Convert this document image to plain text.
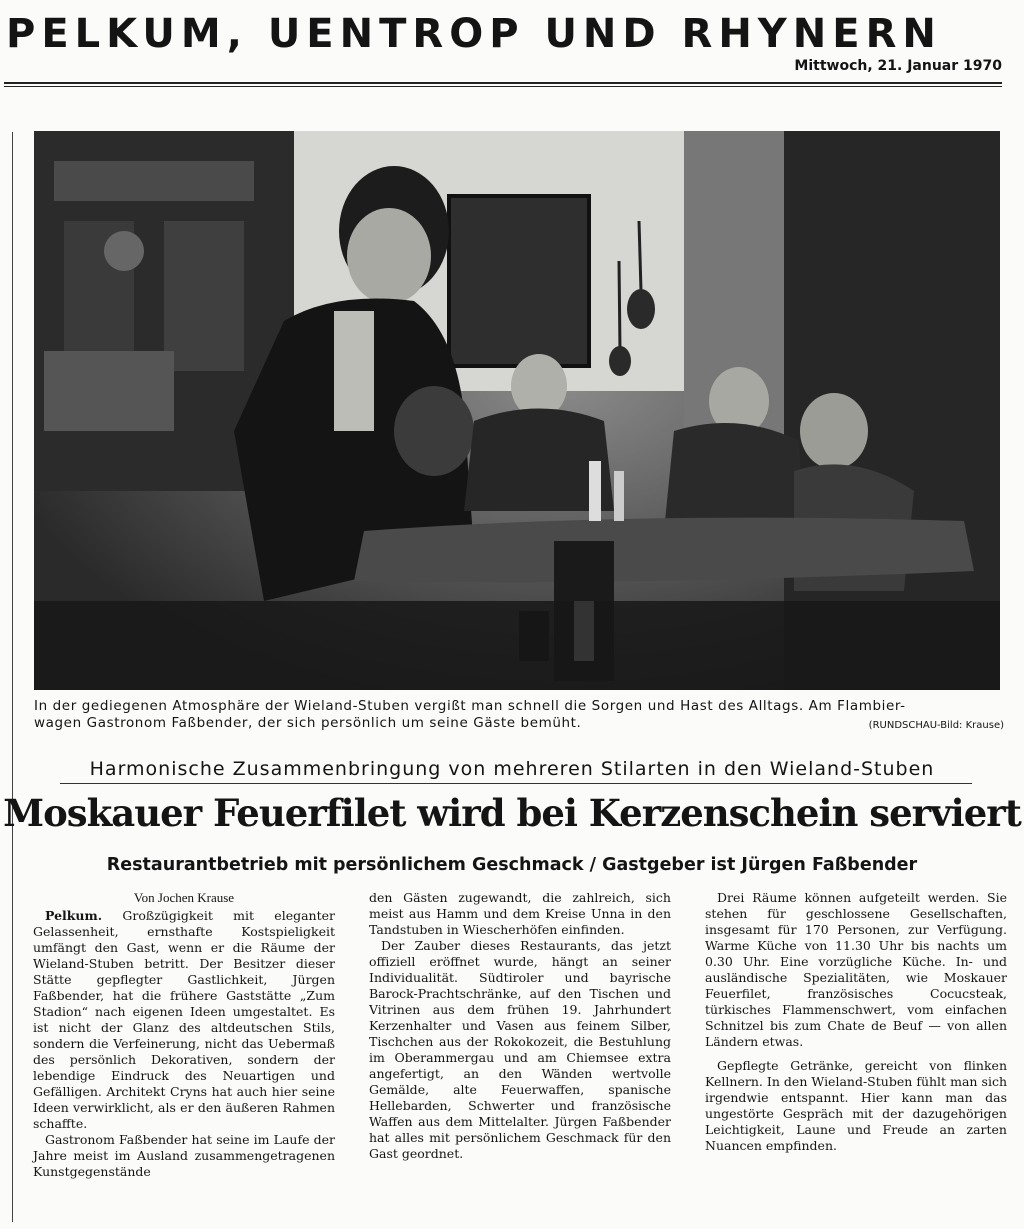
PELKUM, UENTROP UND RHYNERN
Mittwoch, 21. Januar 1970

In der gediegenen Atmosphäre der Wieland-Stuben vergißt man schnell die Sorgen und Hast des Alltags. Am Flambier-

wagen Gastronom Faßbender, der sich persönlich um seine Gäste bemüht.	(RUNDSCHAU-Bild: Krause)
Harmonische Zusammenbringung von mehreren Stilarten in den Wieland-Stuben
Moskauer Feuerfilet wird bei Kerzenschein serviert
Restaurantbetrieb mit persönlichem Geschmack / Gastgeber ist Jürgen Faßbender
Von Jochen Krause

Pelkum. Großzügigkeit mit eleganter Gelassenheit, ernsthafte Kostspieligkeit umfängt den Gast, wenn er die Räume der Wieland-Stuben betritt. Der Besitzer dieser Stätte gepflegter Gastlichkeit, Jürgen Faßbender, hat die frühere Gaststätte „Zum Stadion“ nach eigenen Ideen umgestaltet. Es ist nicht der Glanz des altdeutschen Stils, sondern die Verfeinerung, nicht das Uebermaß des persönlich Dekorativen, sondern der lebendige Eindruck des Neuartigen und Gefälligen. Architekt Cryns hat auch hier seine Ideen verwirklicht, als er den äußeren Rahmen schaffte.

Gastronom Faßbender hat seine im Laufe der Jahre meist im Ausland zusammengetragenen Kunstgegenstände

den Gästen zugewandt, die zahlreich, sich meist aus Hamm und dem Kreise Unna in den Tandstuben in Wiescherhöfen einfinden.

Der Zauber dieses Restaurants, das jetzt offiziell eröffnet wurde, hängt an seiner Individualität. Südtiroler und bayrische Barock-Prachtschränke, auf den Tischen und Vitrinen aus dem frühen 19. Jahrhundert Kerzenhalter und Vasen aus feinem Silber, Tischchen aus der Rokokozeit, die Bestuhlung im Oberammergau und am Chiemsee extra angefertigt, an den Wänden wertvolle Gemälde, alte Feuerwaffen, spanische Hellebarden, Schwerter und französische Waffen aus dem Mittelalter. Jürgen Faßbender hat alles mit persönlichem Geschmack für den Gast geordnet.

Drei Räume können aufgeteilt werden. Sie stehen für geschlossene Gesellschaften, insgesamt für 170 Personen, zur Verfügung. Warme Küche von 11.30 Uhr bis nachts um 0.30 Uhr. Eine vorzügliche Küche. In- und ausländische Spezialitäten, wie Moskauer Feuerfilet, französisches Cocucsteak, türkisches Flammenschwert, vom einfachen Schnitzel bis zum Chate de Beuf — von allen Ländern etwas.

Gepflegte Getränke, gereicht von flinken Kellnern. In den Wieland-Stuben fühlt man sich irgendwie entspannt. Hier kann man das ungestörte Gespräch mit der dazugehörigen Leichtigkeit, Laune und Freude an zarten Nuancen empfinden.
